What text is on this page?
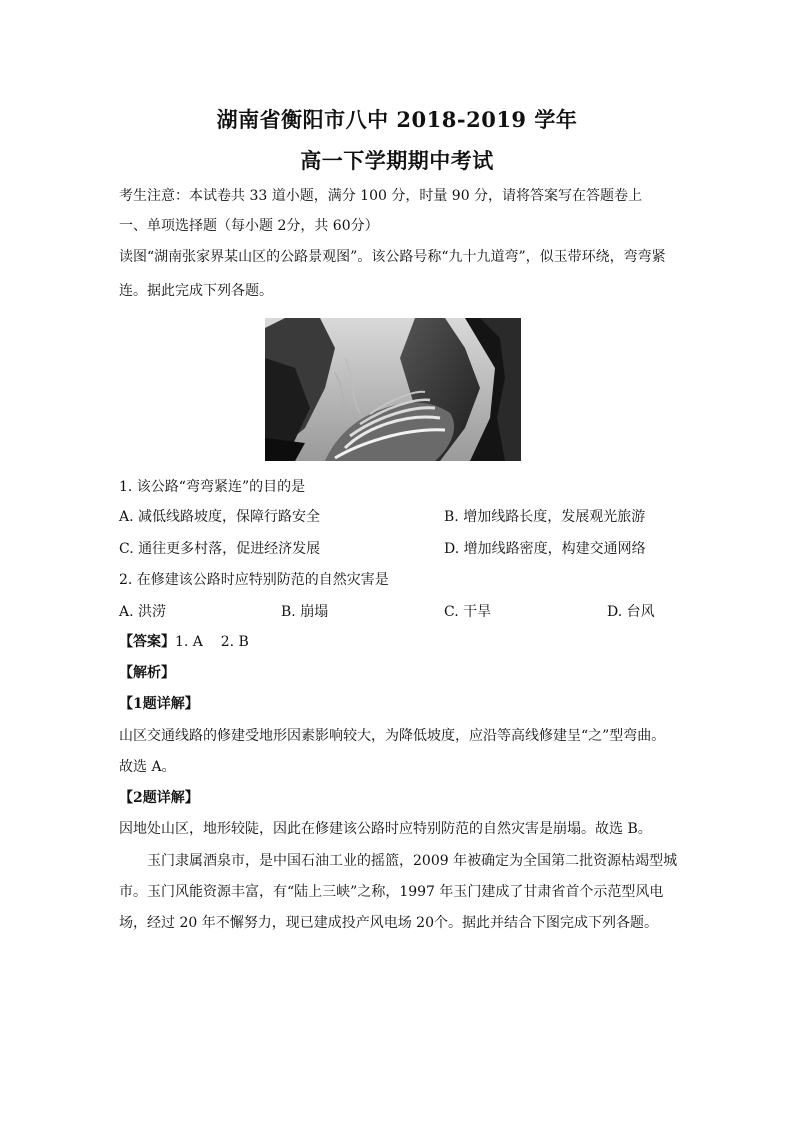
湖南省衡阳市八中 2018-2019 学年
高一下学期期中考试
考生注意：本试卷共 33 道小题，满分 100 分，时量 90 分，请将答案写在答题卷上
一、单项选择题（每小题 2分，共 60分）
读图“湖南张家界某山区的公路景观图”。该公路号称“九十九道弯”，似玉带环绕，弯弯紧
连。据此完成下列各题。
1. 该公路“弯弯紧连”的目的是
A. 减低线路坡度，保障行路安全	B. 增加线路长度，发展观光旅游
C. 通往更多村落，促进经济发展	D. 增加线路密度，构建交通网络
2. 在修建该公路时应特别防范的自然灾害是
A. 洪涝	B. 崩塌	C. 干旱	D. 台风
【答案】1. A    2. B
【解析】
【1题详解】
山区交通线路的修建受地形因素影响较大，为降低坡度，应沿等高线修建呈“之”型弯曲。
故选 A。
【2题详解】
因地处山区，地形较陡，因此在修建该公路时应特别防范的自然灾害是崩塌。故选 B。
玉门隶属酒泉市，是中国石油工业的摇篮，2009 年被确定为全国第二批资源枯竭型城
市。玉门风能资源丰富，有“陆上三峡”之称，1997 年玉门建成了甘肃省首个示范型风电
场，经过 20 年不懈努力，现已建成投产风电场 20个。据此并结合下图完成下列各题。
